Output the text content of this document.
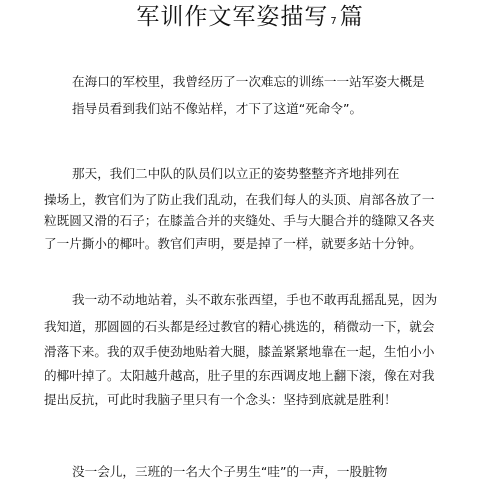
军训作文军姿描写 7 篇
在海口的军校里，我曾经历了一次难忘的训练一一站军姿大概是
指导员看到我们站不像站样，才下了这道“死命令”。
那天，我们二中队的队员们以立正的姿势整整齐齐地排列在
操场上，教官们为了防止我们乱动，在我们每人的头顶、肩部各放了一
粒既圆又滑的石子；在膝盖合并的夹缝处、手与大腿合并的缝隙又各夹
了一片撕小的椰叶。教官们声明，要是掉了一样，就要多站十分钟。
我一动不动地站着，头不敢东张西望，手也不敢再乱摇乱晃，因为
我知道，那圆圆的石头都是经过教官的精心挑选的，稍微动一下，就会
滑落下来。我的双手使劲地贴着大腿，膝盖紧紧地靠在一起，生怕小小
的椰叶掉了。太阳越升越高，肚子里的东西调皮地上翻下滚，像在对我
提出反抗，可此时我脑子里只有一个念头：坚持到底就是胜利！
没一会儿，三班的一名大个子男生“哇”的一声，一股脏物
